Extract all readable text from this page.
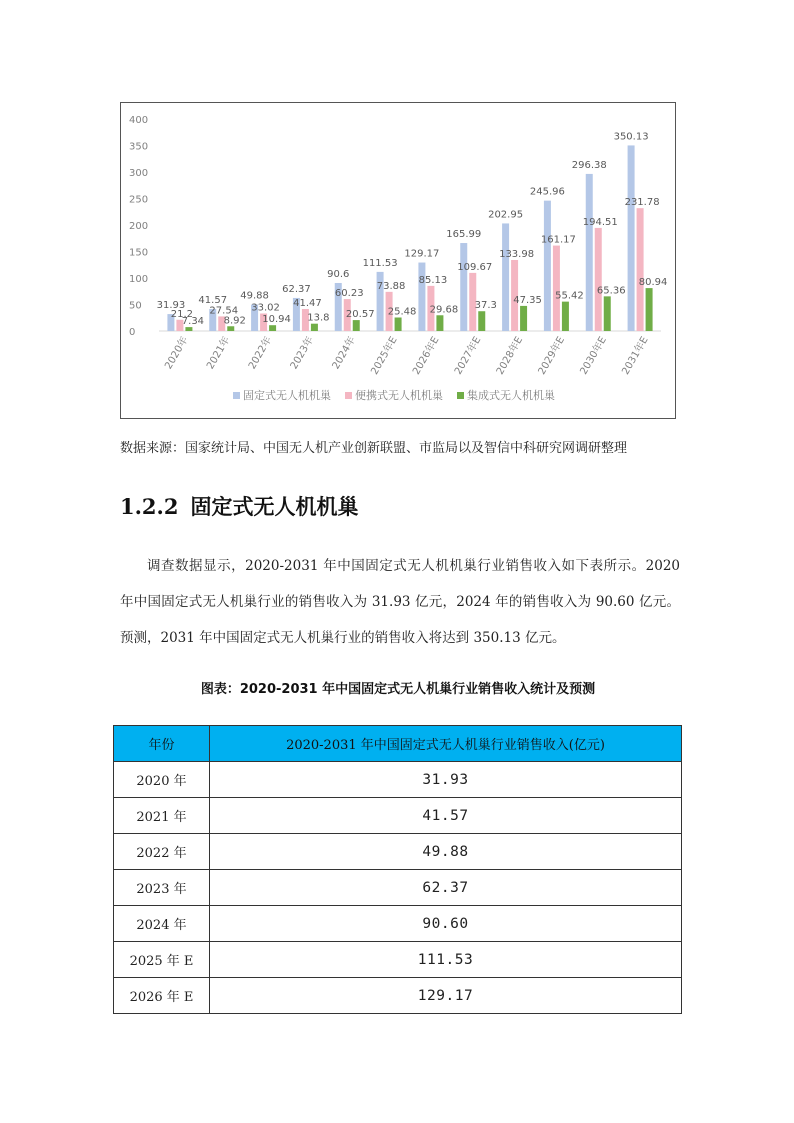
0
50
100
150
200
250
300
350
400
31.93 41.57 49.88
62.37
90.6
111.53
129.17
165.99
202.95
245.96
296.38
350.13
21.2 27.54 33.02 41.47
60.23
73.88
85.13
109.67
133.98
161.17
194.51
231.78
7.34 8.92 10.94 13.8 20.57 25.48 29.68 37.3 47.35 55.42 65.36
80.94
2020年 2021年 2022年 2023年 2024年 2025年E 2026年E 2027年E 2028年E 2029年E 2030年E 2031年E
固定式无人机机巢 便携式无人机机巢 集成式无人机机巢
数据来源：国家统计局、中国无人机产业创新联盟、市监局以及智信中科研究网调研整理
1.2.2 固定式无人机机巢
调查数据显示，2020-2031 年中国固定式无人机机巢行业销售收入如下表所示。2020 年中国固定式无人机巢行业的销售收入为 31.93 亿元，2024 年的销售收入为 90.60 亿元。预测，2031 年中国固定式无人机巢行业的销售收入将达到 350.13 亿元。
图表：2020-2031 年中国固定式无人机巢行业销售收入统计及预测
年份	2020-2031 年中国固定式无人机巢行业销售收入(亿元)
2020 年	31.93
2021 年	41.57
2022 年	49.88
2023 年	62.37
2024 年	90.60
2025 年 E	111.53
2026 年 E	129.17
